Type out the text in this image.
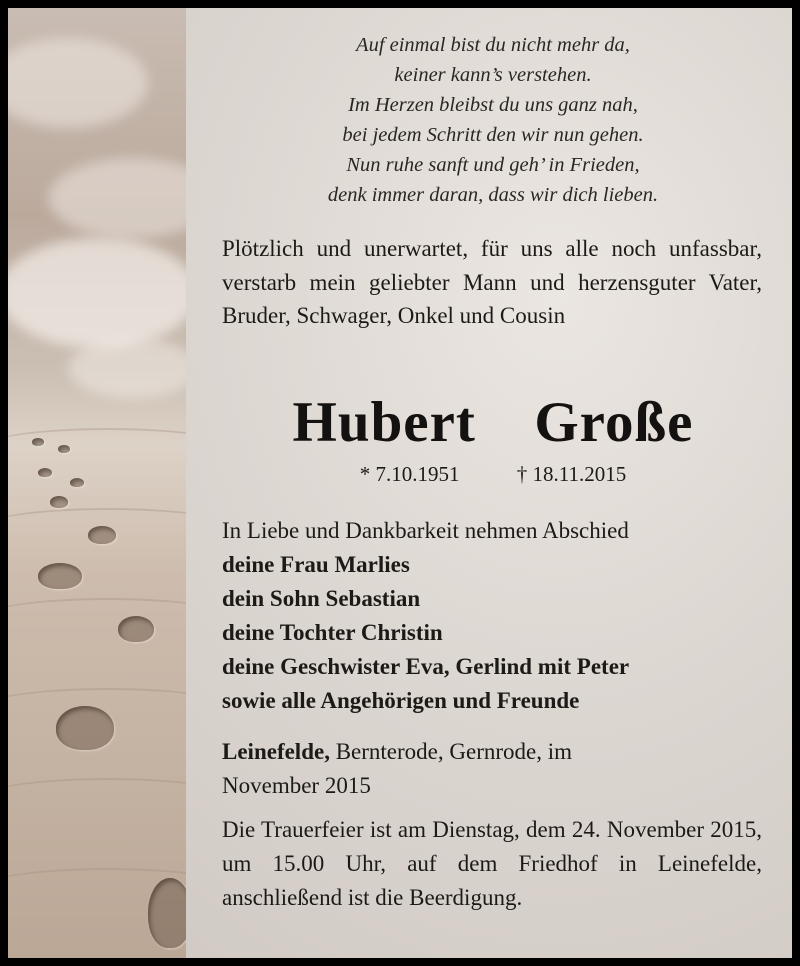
Auf einmal bist du nicht mehr da,
keiner kann’s verstehen.
Im Herzen bleibst du uns ganz nah,
bei jedem Schritt den wir nun gehen.
Nun ruhe sanft und geh’ in Frieden,
denk immer daran, dass wir dich lieben.
Plötzlich und unerwartet, für uns alle noch unfassbar, verstarb mein geliebter Mann und herzensguter Vater, Bruder, Schwager, Onkel und Cousin
Hubert  Große
* 7.10.1951	† 18.11.2015
In Liebe und Dankbarkeit nehmen Abschied
deine Frau Marlies
dein Sohn Sebastian
deine Tochter Christin
deine Geschwister Eva, Gerlind mit Peter
sowie alle Angehörigen und Freunde
Leinefelde, Bernterode, Gernrode, im
November 2015
Die Trauerfeier ist am Dienstag, dem 24. November 2015, um 15.00 Uhr, auf dem Friedhof in Leinefelde, anschließend ist die Beerdigung.
